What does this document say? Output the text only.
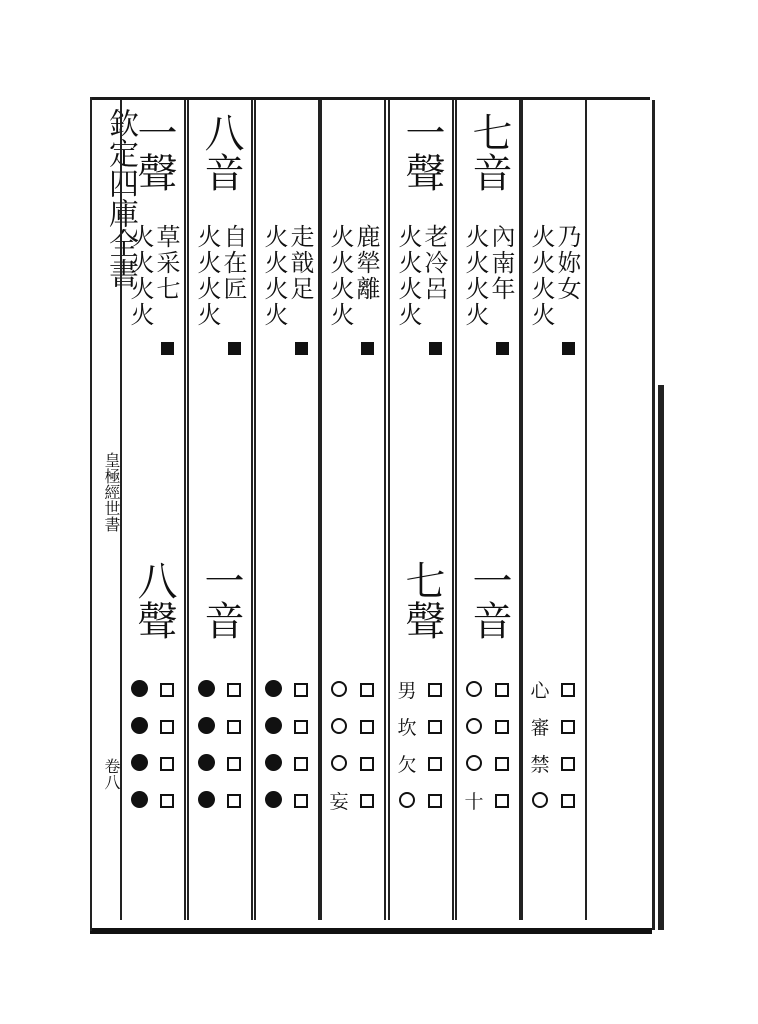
欽定四庫全書
皇極經世書
卷八
一聲
草采七
火火火火
八聲
八音
自在匠
火火火火
一音
走戠足
火火火火	鹿犖離
火火火火
妄
一聲
老冷呂
火火火火
七聲
男
坎
欠
七音
內南年
火火火火
一音
十
乃妳女
火火火火
心
審
禁
